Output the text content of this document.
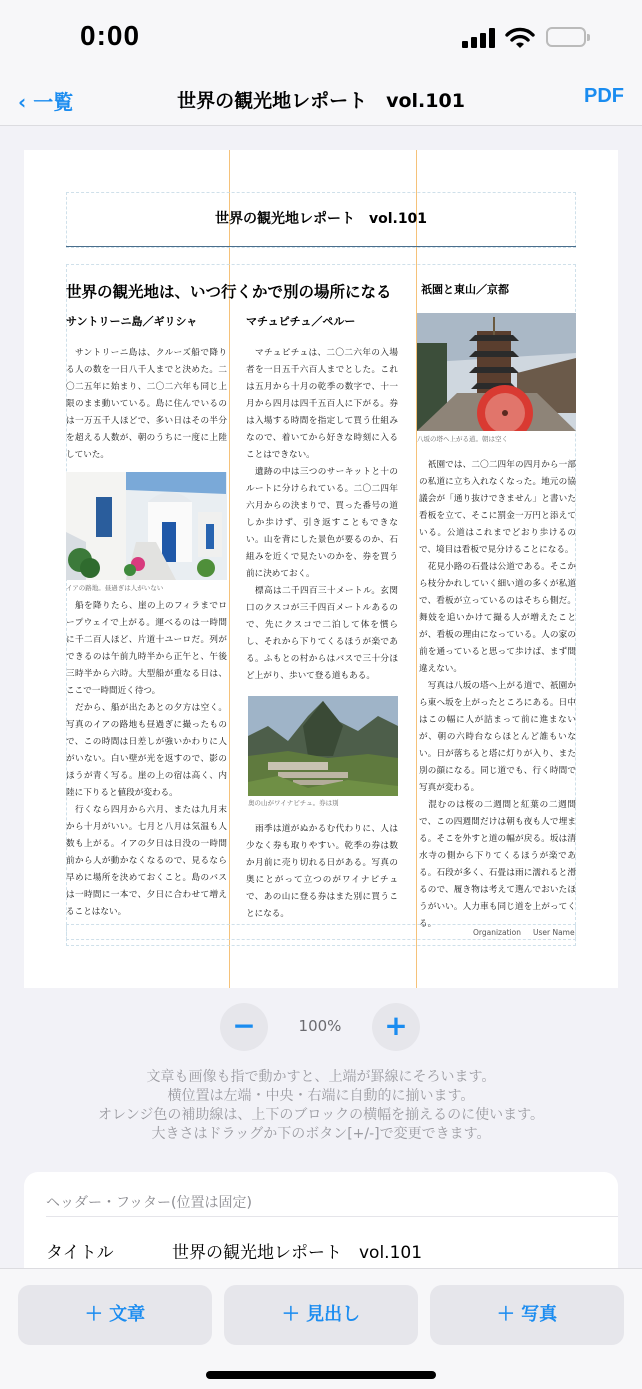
0:00
‹ 一覧	世界の観光地レポート　vol.101	PDF
世界の観光地レポート　vol.101
世界の観光地は、いつ行くかで別の場所になる
サントリーニ島／ギリシャ
　サントリーニ島は、クルーズ船で降りる人の数を一日八千人までと決めた。二〇二五年に始まり、二〇二六年も同じ上限のまま動いている。島に住んでいるのは一万五千人ほどで、多い日はその半分を超える人数が、朝のうちに一度に上陸していた。
イアの路地。昼過ぎは人がいない
　船を降りたら、崖の上のフィラまでロープウェイで上がる。運べるのは一時間に千二百人ほど、片道十ユーロだ。列ができるのは午前九時半から正午と、午後三時半から六時。大型船が重なる日は、ここで一時間近く待つ。
　だから、船が出たあとの夕方は空く。写真のイアの路地も昼過ぎに撮ったもので、この時間は日差しが強いかわりに人がいない。白い壁が光を返すので、影のほうが青く写る。崖の上の宿は高く、内陸に下りると値段が変わる。
　行くなら四月から六月、または九月末から十月がいい。七月と八月は気温も人数も上がる。イアの夕日は日没の一時間前から人が動かなくなるので、見るなら早めに場所を決めておくこと。島のバスは一時間に一本で、夕日に合わせて増えることはない。
マチュピチュ／ペルー
　マチュピチュは、二〇二六年の入場者を一日五千六百人までとした。これは五月から十月の乾季の数字で、十一月から四月は四千五百人に下がる。券は入場する時間を指定して買う仕組みなので、着いてから好きな時刻に入ることはできない。
　遺跡の中は三つのサーキットと十のルートに分けられている。二〇二四年六月からの決まりで、買った番号の道しか歩けず、引き返すこともできない。山を背にした景色が要るのか、石組みを近くで見たいのかを、券を買う前に決めておく。
　標高は二千四百三十メートル。玄関口のクスコが三千四百メートルあるので、先にクスコで二泊して体を慣らし、それから下りてくるほうが楽である。ふもとの村からはバスで三十分ほど上がり、歩いて登る道もある。
奥の山がワイナピチュ。券は別
　雨季は道がぬかるむ代わりに、人は少なく券も取りやすい。乾季の券は数か月前に売り切れる日がある。写真の奥にとがって立つのがワイナピチュで、あの山に登る券はまた別に買うことになる。
祇園と東山／京都
八坂の塔へ上がる道。朝は空く
　祇園では、二〇二四年の四月から一部の私道に立ち入れなくなった。地元の協議会が「通り抜けできません」と書いた看板を立て、そこに罰金一万円と添えている。公道はこれまでどおり歩けるので、境目は看板で見分けることになる。
　花見小路の石畳は公道である。そこから枝分かれしていく細い道の多くが私道で、看板が立っているのはそちら側だ。舞妓を追いかけて撮る人が増えたことが、看板の理由になっている。人の家の前を通っていると思って歩けば、まず間違えない。
　写真は八坂の塔へ上がる道で、祇園から東へ坂を上がったところにある。日中はこの幅に人が詰まって前に進まないが、朝の六時台ならほとんど誰もいない。日が落ちると塔に灯りが入り、また別の顔になる。同じ道でも、行く時間で写真が変わる。
　混むのは桜の二週間と紅葉の二週間で、この四週間だけは朝も夜も人で埋まる。そこを外すと道の幅が戻る。坂は清水寺の側から下りてくるほうが楽である。石段が多く、石畳は雨に濡れると滑るので、履き物は考えて選んでおいたほうがいい。人力車も同じ道を上がってくる。
Organization User Name
−	100%	+
文章も画像も指で動かすと、上端が罫線にそろいます。
横位置は左端・中央・右端に自動的に揃います。
オレンジ色の補助線は、上下のブロックの横幅を揃えるのに使います。
大きさはドラッグか下のボタン[+/-]で変更できます。
ヘッダー・フッター(位置は固定)
タイトル	世界の観光地レポート　vol.101
＋ 文章	＋ 見出し	＋ 写真
